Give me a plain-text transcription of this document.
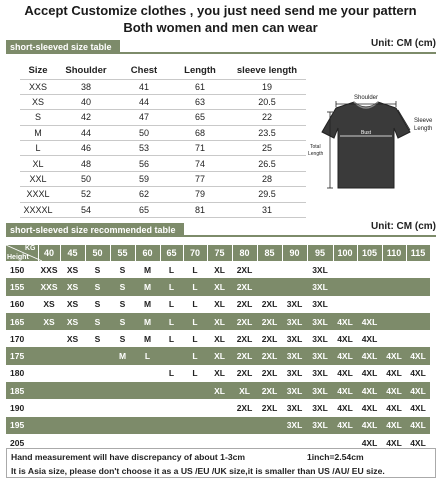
Accept Customize clothes , you just need send me your pattern
Both women and men can wear
short-sleeved size table	Unit: CM (cm)
Size	Shoulder	Chest	Length	sleeve length
XXS	38	41	61	19
XS	40	44	63	20.5
S	42	47	65	22
M	44	50	68	23.5
L	46	53	71	25
XL	48	56	74	26.5
XXL	50	59	77	28
XXXL	52	62	79	29.5
XXXXL	54	65	81	31
Shoulder
Bust
Sleeve
Length
Total
Length
short-sleeved size recommended table	Unit: CM (cm)
KG
Height	40	45	50	55	60	65	70	75	80	85	90	95	100	105	110	115
150	XXS	XS	S	S	M	L	L	XL	2XL			3XL				
155	XXS	XS	S	S	M	L	L	XL	2XL			3XL				
160	XS	XS	S	S	M	L	L	XL	2XL	2XL	3XL	3XL				
165	XS	XS	S	S	M	L	L	XL	2XL	2XL	3XL	3XL	4XL	4XL		
170		XS	S	S	M	L	L	XL	2XL	2XL	3XL	3XL	4XL	4XL		
175				M	L		L	XL	2XL	2XL	3XL	3XL	4XL	4XL	4XL	4XL
180						L	L	XL	2XL	2XL	3XL	3XL	4XL	4XL	4XL	4XL
185								XL	XL	2XL	3XL	3XL	4XL	4XL	4XL	4XL
190									2XL	2XL	3XL	3XL	4XL	4XL	4XL	4XL
195											3XL	3XL	4XL	4XL	4XL	4XL
205														4XL	4XL	4XL
Hand measurement will have discrepancy of about 1-3cm	1inch=2.54cm
It is Asia size, please don't choose it as a US /EU /UK size,it is smaller than US /AU/ EU size.
